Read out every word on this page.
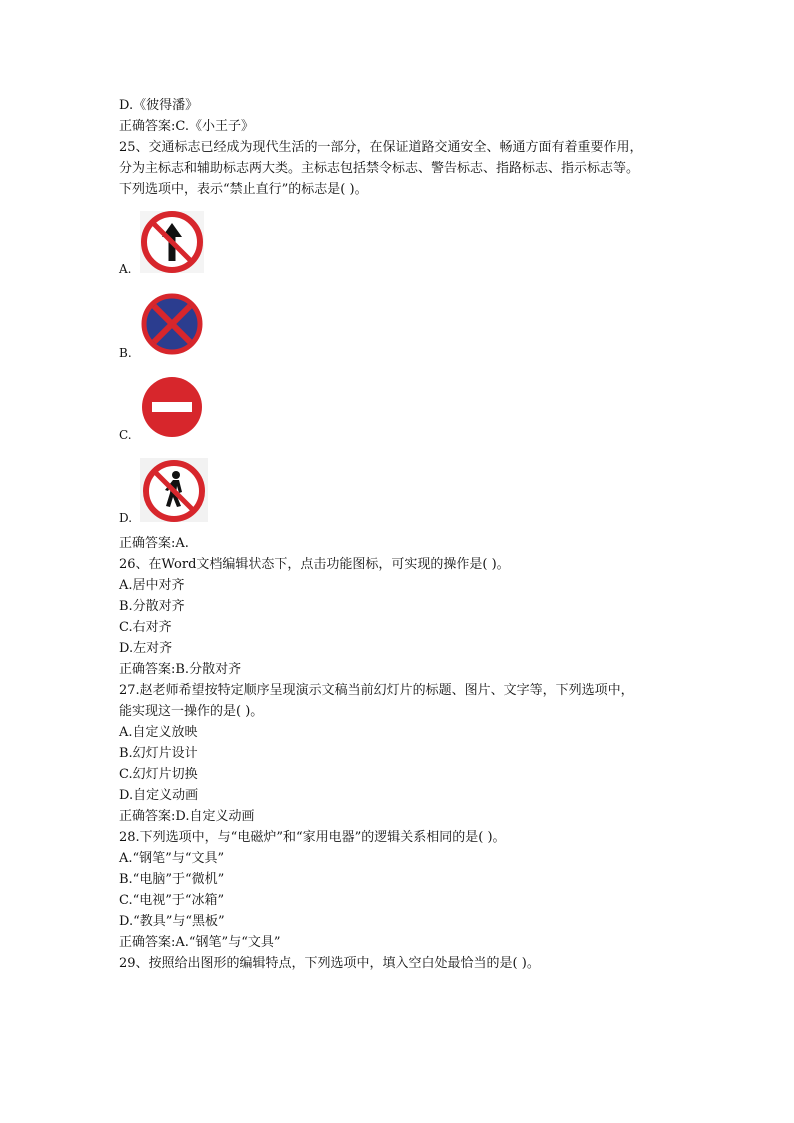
D.《彼得潘》
正确答案:C.《小王子》
25、交通标志已经成为现代生活的一部分，在保证道路交通安全、畅通方面有着重要作用，
分为主标志和辅助标志两大类。主标志包括禁令标志、警告标志、指路标志、指示标志等。
下列选项中，表示“禁止直行”的标志是( )。
A.
B.
C.
D.
正确答案:A.
26、在Word文档编辑状态下，点击功能图标，可实现的操作是( )。
A.居中对齐
B.分散对齐
C.右对齐
D.左对齐
正确答案:B.分散对齐
27.赵老师希望按特定顺序呈现演示文稿当前幻灯片的标题、图片、文字等，下列选项中，
能实现这一操作的是( )。
A.自定义放映
B.幻灯片设计
C.幻灯片切换
D.自定义动画
正确答案:D.自定义动画
28.下列选项中，与“电磁炉”和“家用电器”的逻辑关系相同的是( )。
A.“钢笔”与“文具”
B.“电脑”于“微机”
C.“电视”于“冰箱”
D.“教具”与“黑板”
正确答案:A.“钢笔”与“文具”
29、按照给出图形的编辑特点，下列选项中，填入空白处最恰当的是( )。
